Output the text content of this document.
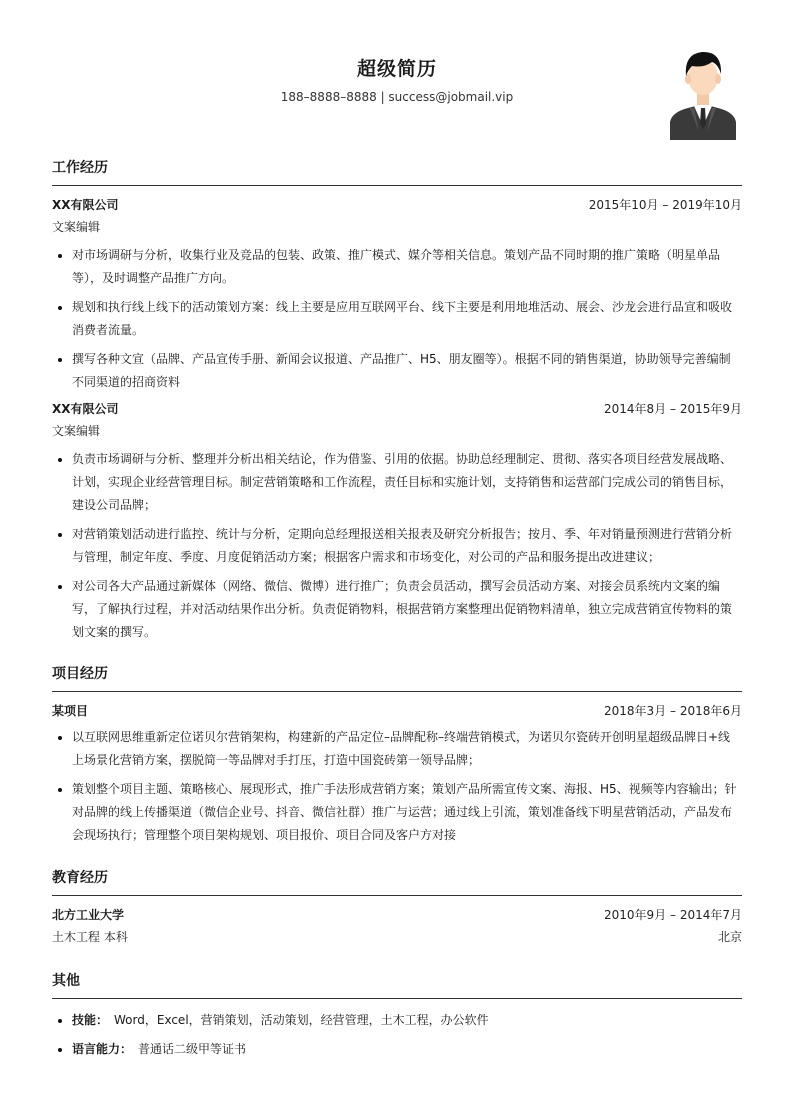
超级简历
188–8888–8888 | success@jobmail.vip
工作经历
XX有限公司	2015年10月 – 2019年10月
文案编辑
对市场调研与分析，收集行业及竞品的包装、政策、推广模式、媒介等相关信息。策划产品不同时期的推广策略（明星单品等），及时调整产品推广方向。
规划和执行线上线下的活动策划方案：线上主要是应用互联网平台、线下主要是利用地堆活动、展会、沙龙会进行品宣和吸收消费者流量。
撰写各种文宣（品牌、产品宣传手册、新闻会议报道、产品推广、H5、朋友圈等）。根据不同的销售渠道，协助领导完善编制不同渠道的招商资料
XX有限公司	2014年8月 – 2015年9月
文案编辑
负责市场调研与分析、整理并分析出相关结论，作为借鉴、引用的依据。协助总经理制定、贯彻、落实各项目经营发展战略、计划，实现企业经营管理目标。制定营销策略和工作流程，责任目标和实施计划，支持销售和运营部门完成公司的销售目标，建设公司品牌；
对营销策划活动进行监控、统计与分析，定期向总经理报送相关报表及研究分析报告；按月、季、年对销量预测进行营销分析与管理，制定年度、季度、月度促销活动方案；根据客户需求和市场变化，对公司的产品和服务提出改进建议；
对公司各大产品通过新媒体（网络、微信、微博）进行推广；负责会员活动，撰写会员活动方案、对接会员系统内文案的编写，了解执行过程，并对活动结果作出分析。负责促销物料，根据营销方案整理出促销物料清单，独立完成营销宣传物料的策划文案的撰写。
项目经历
某项目	2018年3月 – 2018年6月
以互联网思维重新定位诺贝尔营销架构，构建新的产品定位–品牌配称–终端营销模式，为诺贝尔瓷砖开创明星超级品牌日+线上场景化营销方案，摆脱简一等品牌对手打压，打造中国瓷砖第一领导品牌；
策划整个项目主题、策略核心、展现形式，推广手法形成营销方案；策划产品所需宣传文案、海报、H5、视频等内容输出；针对品牌的线上传播渠道（微信企业号、抖音、微信社群）推广与运营；通过线上引流，策划准备线下明星营销活动，产品发布会现场执行；管理整个项目架构规划、项目报价、项目合同及客户方对接
教育经历
北方工业大学	2010年9月 – 2014年7月
土木工程 本科	北京
其他
技能： Word，Excel，营销策划，活动策划，经营管理，土木工程，办公软件
语言能力： 普通话二级甲等证书
